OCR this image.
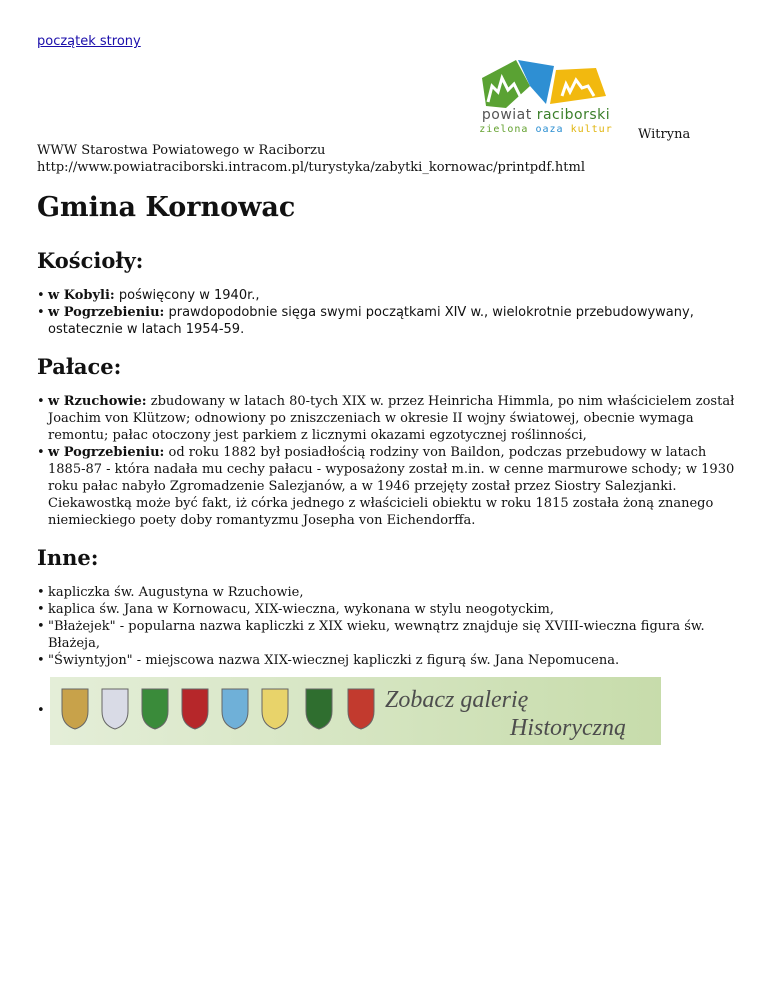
początek strony
powiat raciborski
zielona oaza kultur Witryna
WWW Starostwa Powiatowego w Raciborzu
http://www.powiatraciborski.intracom.pl/turystyka/zabytki_kornowac/printpdf.html
Gmina Kornowac
Kościoły:
• w Kobyli: poświęcony w 1940r.,
• w Pogrzebieniu: prawdopodobnie sięga swymi początkami XIV w., wielokrotnie przebudowywany, ostatecznie w latach 1954-59.
Pałace:
• w Rzuchowie: zbudowany w latach 80-tych XIX w. przez Heinricha Himmla, po nim właścicielem został Joachim von Klützow; odnowiony po zniszczeniach w okresie II wojny światowej, obecnie wymaga remontu; pałac otoczony jest parkiem z licznymi okazami egzotycznej roślinności,
• w Pogrzebieniu: od roku 1882 był posiadłością rodziny von Baildon, podczas przebudowy w latach 1885-87 - która nadała mu cechy pałacu - wyposażony został m.in. w cenne marmurowe schody; w 1930 roku pałac nabyło Zgromadzenie Salezjanów, a w 1946 przejęty został przez Siostry Salezjanki. Ciekawostką może być fakt, iż córka jednego z właścicieli obiektu w roku 1815 została żoną znanego niemieckiego poety doby romantyzmu Josepha von Eichendorffa.
Inne:
• kapliczka św. Augustyna w Rzuchowie,
• kaplica św. Jana w Kornowacu, XIX-wieczna, wykonana w stylu neogotyckim,
• "Błażejek" - popularna nazwa kapliczki z XIX wieku, wewnątrz znajduje się XVIII-wieczna figura św. Błażeja,
• "Świyntyjon" - miejscowa nazwa XIX-wiecznej kapliczki z figurą św. Jana Nepomucena.
•	Zobacz galerię
Historyczną
